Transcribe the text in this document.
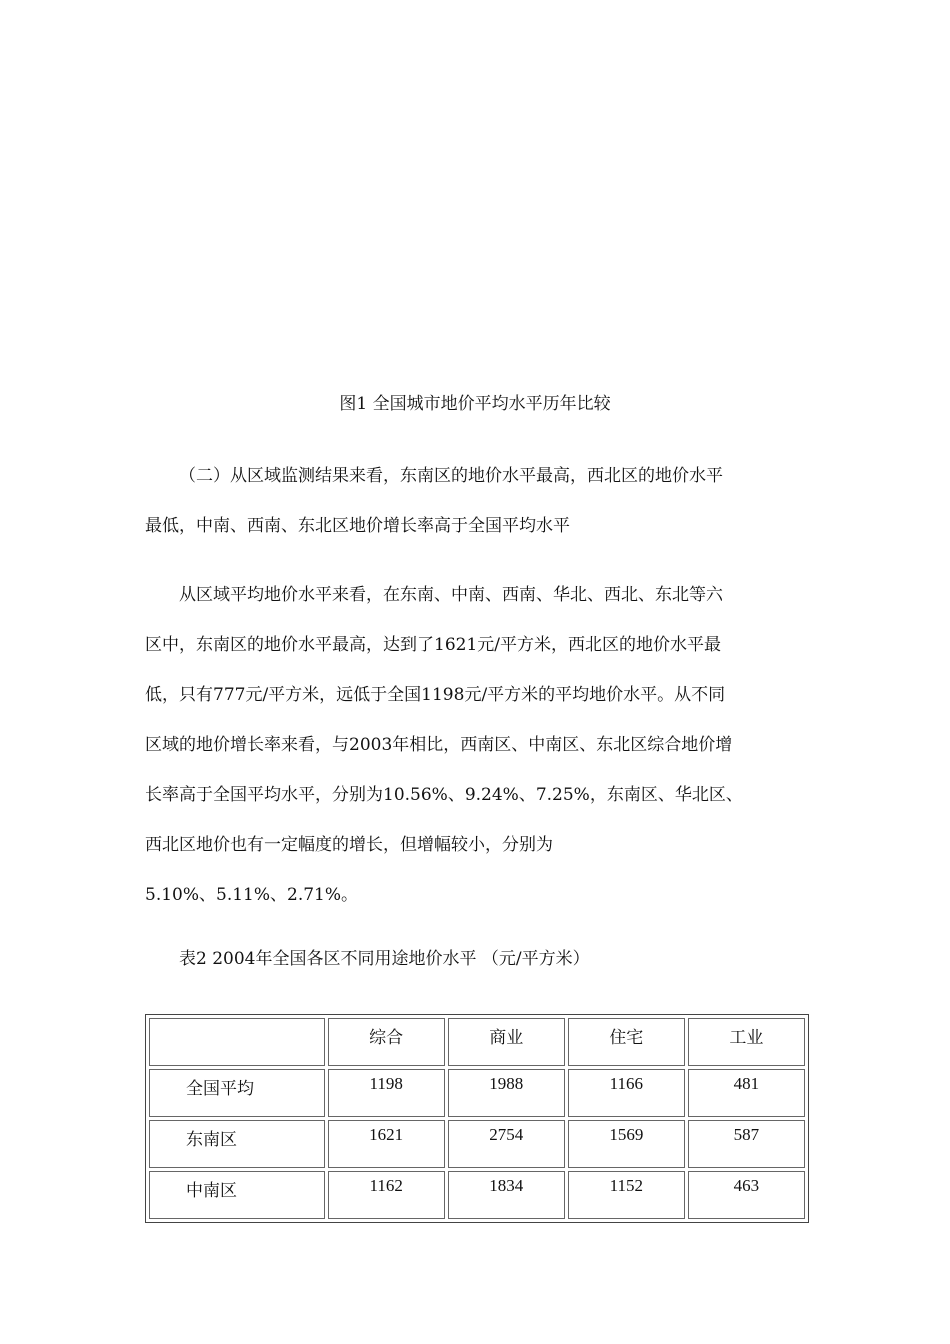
图1 全国城市地价平均水平历年比较

（二）从区域监测结果来看，东南区的地价水平最高，西北区的地价水平
最低，中南、西南、东北区地价增长率高于全国平均水平
从区域平均地价水平来看，在东南、中南、西南、华北、西北、东北等六
区中，东南区的地价水平最高，达到了1621元/平方米，西北区的地价水平最
低，只有777元/平方米，远低于全国1198元/平方米的平均地价水平。从不同
区域的地价增长率来看，与2003年相比，西南区、中南区、东北区综合地价增
长率高于全国平均水平，分别为10.56%、9.24%、7.25%，东南区、华北区、
西北区地价也有一定幅度的增长，但增幅较小，分别为
5.10%、5.11%、2.71%。

表2 2004年全国各区不同用途地价水平 （元/平方米）

	综合	商业	住宅	工业
全国平均	1198	1988	1166	481
东南区	1621	2754	1569	587
中南区	1162	1834	1152	463
